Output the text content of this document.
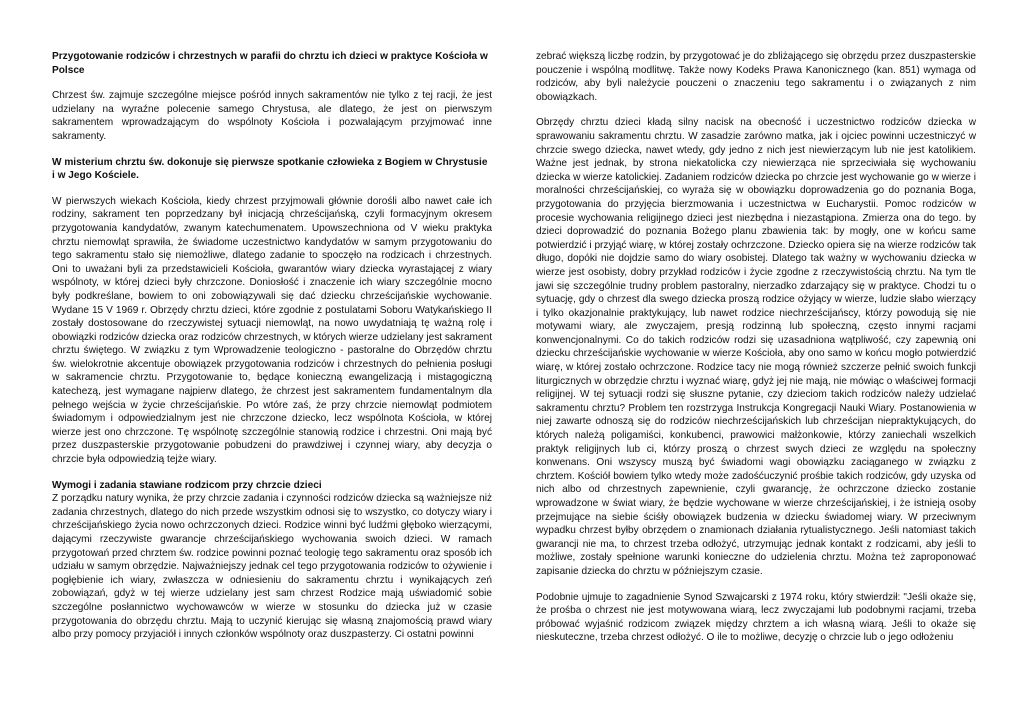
Przygotowanie rodziców i chrzestnych w parafii do chrztu ich dzieci w praktyce Kościoła w Polsce

Chrzest św. zajmuje szczególne miejsce pośród innych sakramentów nie tylko z tej racji, że jest udzielany na wyraźne polecenie samego Chrystusa, ale dlatego, że jest on pierwszym sakramentem wprowadzającym do wspólnoty Kościoła i pozwalającym przyjmować inne sakramenty.

W misterium chrztu św. dokonuje się pierwsze spotkanie człowieka z Bogiem w Chrystusie i w Jego Kościele.

W pierwszych wiekach Kościoła, kiedy chrzest przyjmowali głównie dorośli albo nawet całe ich rodziny, sakrament ten poprzedzany był inicjacją chrześcijańską, czyli formacyjnym okresem przygotowania kandydatów, zwanym katechumenatem. Upowszechniona od V wieku praktyka chrztu niemowląt sprawiła, że świadome uczestnictwo kandydatów w samym przygotowaniu do tego sakramentu stało się niemożliwe, dlatego zadanie to spoczęło na rodzicach i chrzestnych. Oni to uważani byli za przedstawicieli Kościoła, gwarantów wiary dziecka wyrastającej z wiary wspólnoty, w której dzieci były chrzczone. Doniosłość i znaczenie ich wiary szczególnie mocno były podkreślane, bowiem to oni zobowiązywali się dać dziecku chrześcijańskie wychowanie. Wydane 15 V 1969 r. Obrzędy chrztu dzieci, które zgodnie z postulatami Soboru Watykańskiego II zostały dostosowane do rzeczywistej sytuacji niemowląt, na nowo uwydatniają tę ważną rolę i obowiązki rodziców dziecka oraz rodziców chrzestnych, w których wierze udzielany jest sakrament chrztu świętego. W związku z tym Wprowadzenie teologiczno - pastoralne do Obrzędów chrztu św. wielokrotnie akcentuje obowiązek przygotowania rodziców i chrzestnych do pełnienia posługi w sakramencie chrztu. Przygotowanie to, będące konieczną ewangelizacją i mistagogiczną katechezą, jest wymagane najpierw dlatego, że chrzest jest sakramentem fundamentalnym dla pełnego wejścia w życie chrześcijańskie. Po wtóre zaś, że przy chrzcie niemowląt podmiotem świadomym i odpowiedzialnym jest nie chrzczone dziecko, lecz wspólnota Kościoła, w której wierze jest ono chrzczone. Tę wspólnotę szczególnie stanowią rodzice i chrzestni. Oni mają być przez duszpasterskie przygotowanie pobudzeni do prawdziwej i czynnej wiary, aby decyzja o chrzcie była odpowiedzią tejże wiary.

Wymogi i zadania stawiane rodzicom przy chrzcie dzieci

Z porządku natury wynika, że przy chrzcie zadania i czynności rodziców dziecka są ważniejsze niż zadania chrzestnych, dlatego do nich przede wszystkim odnosi się to wszystko, co dotyczy wiary i chrześcijańskiego życia nowo ochrzczonych dzieci. Rodzice winni być ludźmi głęboko wierzącymi, dającymi rzeczywiste gwarancje chrześcijańskiego wychowania swoich dzieci. W ramach przygotowań przed chrztem św. rodzice powinni poznać teologię tego sakramentu oraz sposób ich udziału w samym obrzędzie. Najważniejszy jednak cel tego przygotowania rodziców to ożywienie i pogłębienie ich wiary, zwłaszcza w odniesieniu do sakramentu chrztu i wynikających zeń zobowiązań, gdyż w tej wierze udzielany jest sam chrzest Rodzice mają uświadomić sobie szczególne posłannictwo wychowawców w wierze w stosunku do dziecka już w czasie przygotowania do obrzędu chrztu. Mają to uczynić kierując się własną znajomością prawd wiary albo przy pomocy przyjaciół i innych członków wspólnoty oraz duszpasterzy. Ci ostatni powinni

zebrać większą liczbę rodzin, by przygotować je do zbliżającego się obrzędu przez duszpasterskie pouczenie i wspólną modlitwę. Także nowy Kodeks Prawa Kanonicznego (kan. 851) wymaga od rodziców, aby byli należycie pouczeni o znaczeniu tego sakramentu i o związanych z nim obowiązkach.

Obrzędy chrztu dzieci kładą silny nacisk na obecność i uczestnictwo rodziców dziecka w sprawowaniu sakramentu chrztu. W zasadzie zarówno matka, jak i ojciec powinni uczestniczyć w chrzcie swego dziecka, nawet wtedy, gdy jedno z nich jest niewierzącym lub nie jest katolikiem. Ważne jest jednak, by strona niekatolicka czy niewierząca nie sprzeciwiała się wychowaniu dziecka w wierze katolickiej. Zadaniem rodziców dziecka po chrzcie jest wychowanie go w wierze i moralności chrześcijańskiej, co wyraża się w obowiązku doprowadzenia go do poznania Boga, przygotowania do przyjęcia bierzmowania i uczestnictwa w Eucharystii. Pomoc rodziców w procesie wychowania religijnego dzieci jest niezbędna i niezastąpiona. Zmierza ona do tego. by dzieci doprowadzić do poznania Bożego planu zbawienia tak: by mogły, one w końcu same potwierdzić i przyjąć wiarę, w której zostały ochrzczone. Dziecko opiera się na wierze rodziców tak długo, dopóki nie dojdzie samo do wiary osobistej. Dlatego tak ważny w wychowaniu dziecka w wierze jest osobisty, dobry przykład rodziców i życie zgodne z rzeczywistością chrztu. Na tym tle jawi się szczególnie trudny problem pastoralny, nierzadko zdarzający się w praktyce. Chodzi tu o sytuację, gdy o chrzest dla swego dziecka proszą rodzice ożyjący w wierze, ludzie słabo wierzący i tylko okazjonalnie praktykujący, lub nawet rodzice niechrześcijańscy, którzy powodują się nie motywami wiary, ale zwyczajem, presją rodzinną lub społeczną, często innymi racjami konwencjonalnymi. Co do takich rodziców rodzi się uzasadniona wątpliwość, czy zapewnią oni dziecku chrześcijańskie wychowanie w wierze Kościoła, aby ono samo w końcu mogło potwierdzić wiarę, w której zostało ochrzczone. Rodzice tacy nie mogą również szczerze pełnić swoich funkcji liturgicznych w obrzędzie chrztu i wyznać wiarę, gdyż jej nie mają, nie mówiąc o właściwej formacji religijnej. W tej sytuacji rodzi się słuszne pytanie, czy dzieciom takich rodziców należy udzielać sakramentu chrztu? Problem ten rozstrzyga Instrukcja Kongregacji Nauki Wiary. Postanowienia w niej zawarte odnoszą się do rodziców niechrześcijańskich lub chrześcijan niepraktykujących, do których należą poligamiści, konkubenci, prawowici małżonkowie, którzy zaniechali wszelkich praktyk religijnych lub ci, którzy proszą o chrzest swych dzieci ze względu na społeczny konwenans. Oni wszyscy muszą być świadomi wagi obowiązku zaciąganego w związku z chrztem. Kościół bowiem tylko wtedy może zadośćuczynić prośbie takich rodziców, gdy uzyska od nich albo od chrzestnych zapewnienie, czyli gwarancję, że ochrzczone dziecko zostanie wprowadzone w świat wiary, że będzie wychowane w wierze chrześcijańskiej, i że istnieją osoby przejmujące na siebie ściśły obowiązek budzenia w dziecku świadomej wiary. W przeciwnym wypadku chrzest byłby obrzędem o znamionach działania rytualistycznego. Jeśli natomiast takich gwarancji nie ma, to chrzest trzeba odłożyć, utrzymując jednak kontakt z rodzicami, aby jeśli to możliwe, zostały spełnione warunki konieczne do udzielenia chrztu. Można też zaproponować zapisanie dziecka do chrztu w późniejszym czasie.

Podobnie ujmuje to zagadnienie Synod Szwajcarski z 1974 roku, który stwierdził: "Jeśli okaże się, że prośba o chrzest nie jest motywowana wiarą, lecz zwyczajami lub podobnymi racjami, trzeba próbować wyjaśnić rodzicom związek między chrztem a ich własną wiarą. Jeśli to okaże się nieskuteczne, trzeba chrzest odłożyć. O ile to możliwe, decyzję o chrzcie lub o jego odłożeniu
